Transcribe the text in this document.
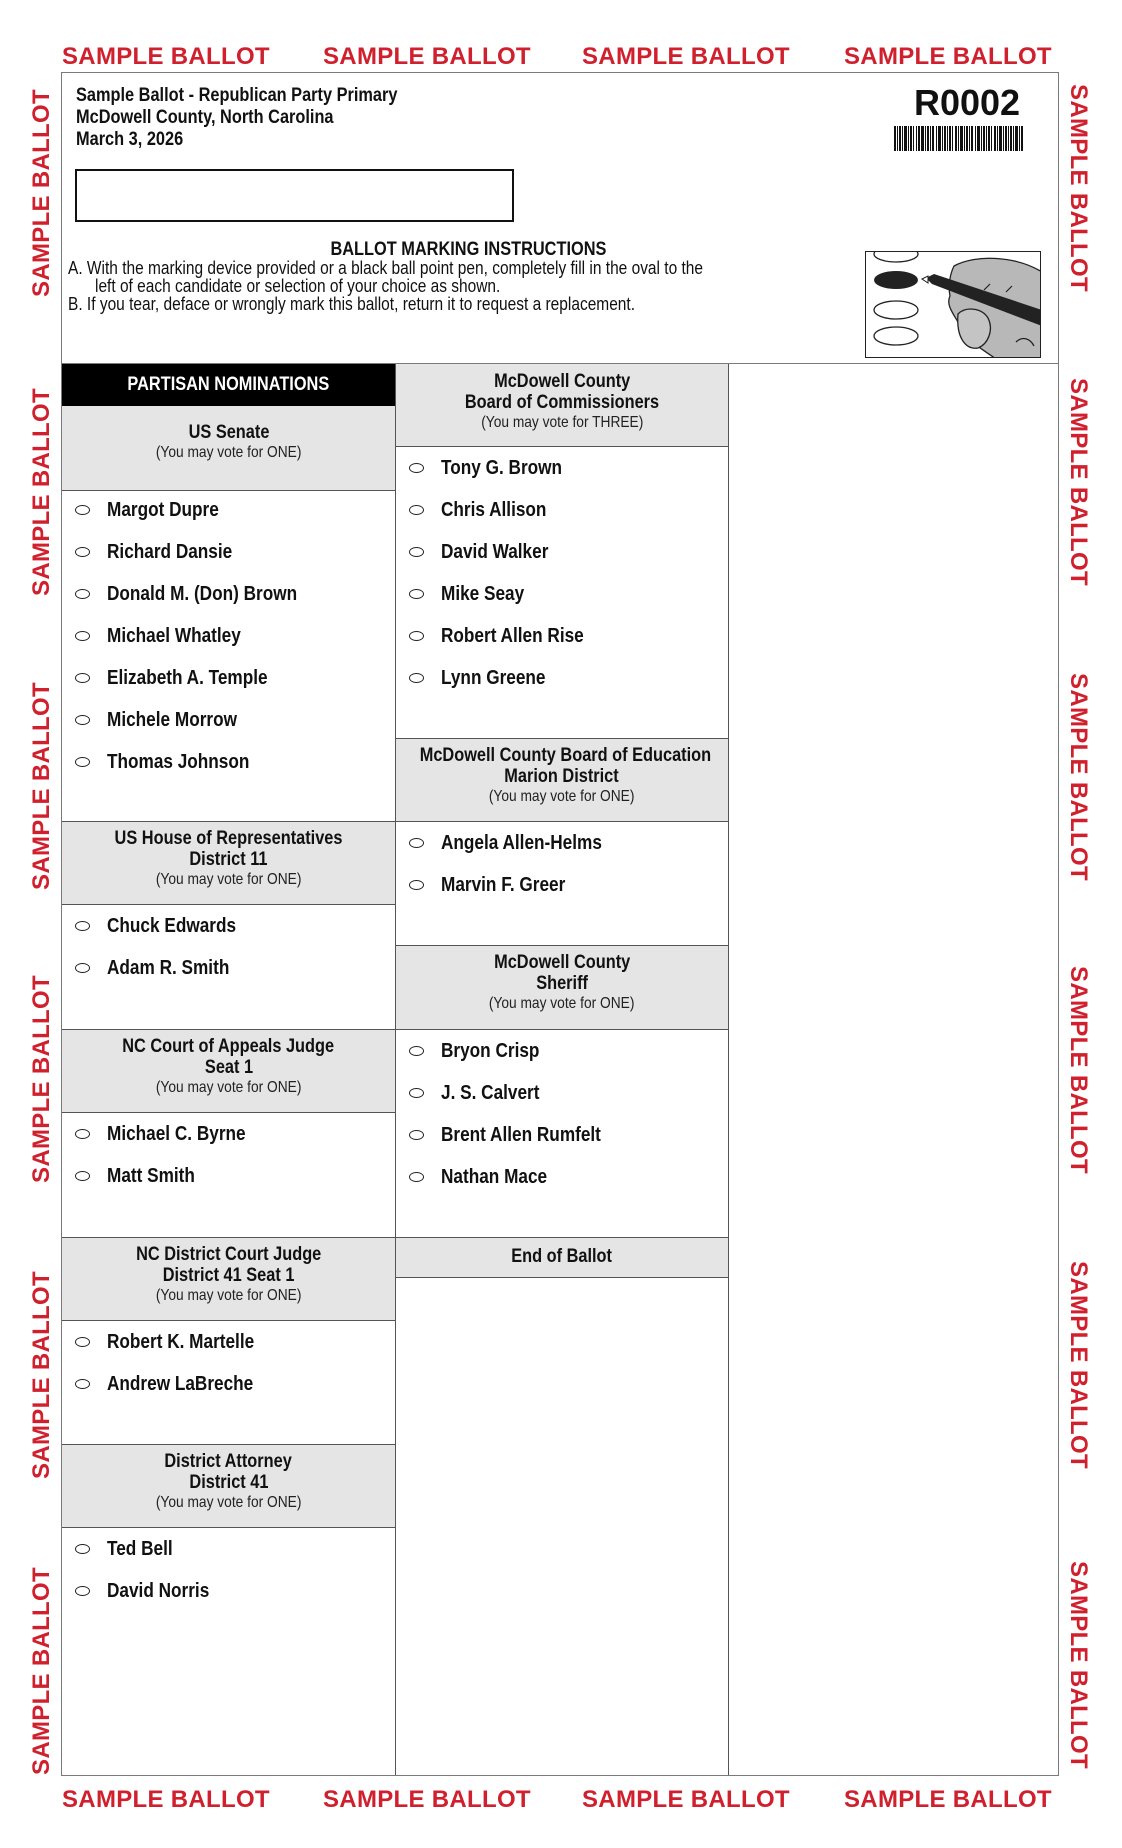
SAMPLE BALLOT	SAMPLE BALLOT	SAMPLE BALLOT	SAMPLE BALLOT
SAMPLE BALLOT	SAMPLE BALLOT	SAMPLE BALLOT	SAMPLE BALLOT
SAMPLE BALLOT
SAMPLE BALLOT
SAMPLE BALLOT
SAMPLE BALLOT
SAMPLE BALLOT
SAMPLE BALLOT
SAMPLE BALLOT
SAMPLE BALLOT
SAMPLE BALLOT
SAMPLE BALLOT
SAMPLE BALLOT
SAMPLE BALLOT
Sample Ballot - Republican Party Primary
McDowell County, North Carolina
March 3, 2026
R0002
BALLOT MARKING INSTRUCTIONS
A. With the marking device provided or a black ball point pen, completely fill in the oval to the
left of each candidate or selection of your choice as shown.
B. If you tear, deface or wrongly mark this ballot, return it to request a replacement.
PARTISAN NOMINATIONS
US Senate
(You may vote for ONE)
Margot Dupre
Richard Dansie
Donald M. (Don) Brown
Michael Whatley
Elizabeth A. Temple
Michele Morrow
Thomas Johnson
US House of Representatives
District 11
(You may vote for ONE)
Chuck Edwards
Adam R. Smith
NC Court of Appeals Judge
Seat 1
(You may vote for ONE)
Michael C. Byrne
Matt Smith
NC District Court Judge
District 41 Seat 1
(You may vote for ONE)
Robert K. Martelle
Andrew LaBreche
District Attorney
District 41
(You may vote for ONE)
Ted Bell
David Norris
McDowell County
Board of Commissioners
(You may vote for THREE)
Tony G. Brown
Chris Allison
David Walker
Mike Seay
Robert Allen Rise
Lynn Greene
McDowell County Board of Education
Marion District
(You may vote for ONE)
Angela Allen-Helms
Marvin F. Greer
McDowell County
Sheriff
(You may vote for ONE)
Bryon Crisp
J. S. Calvert
Brent Allen Rumfelt
Nathan Mace
End of Ballot
